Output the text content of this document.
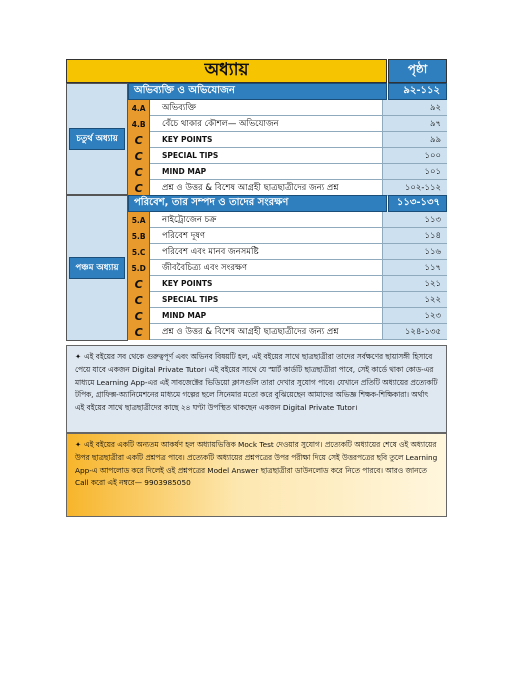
অধ্যায়	পৃষ্ঠা
চতুর্থ অধ্যায়
অভিব্যক্তি ও অভিযোজন	৯২-১১২
4.A	অভিব্যক্তি	৯২
4.B	বেঁচে থাকার কৌশল— অভিযোজন	৯৭
C	KEY POINTS	৯৯
C	SPECIAL TIPS	১০০
C	MIND MAP	১০১
C	প্রশ্ন ও উত্তর & বিশেষ আগ্রহী ছাত্রছাত্রীদের জন্য প্রশ্ন	১০২-১১২
পঞ্চম অধ্যায়
পরিবেশ, তার সম্পদ ও তাদের সংরক্ষণ	১১৩-১৩৭
5.A	নাইট্রোজেন চক্র	১১৩
5.B	পরিবেশ দূষণ	১১৪
5.C	পরিবেশ এবং মানব জনসমষ্টি	১১৬
5.D	জীববৈচিত্র্য এবং সংরক্ষণ	১১৭
C	KEY POINTS	১২১
C	SPECIAL TIPS	১২২
C	MIND MAP	১২৩
C	প্রশ্ন ও উত্তর & বিশেষ আগ্রহী ছাত্রছাত্রীদের জন্য প্রশ্ন	১২৪-১৩৫
✦ এই বইয়ের সব থেকে গুরুত্বপূর্ণ এবং অভিনব বিষয়টি হল, এই বইয়ের সাথে ছাত্রছাত্রীরা তাদের সর্বক্ষণের ছায়াসঙ্গী হিসাবে পেয়ে যাবে একজন Digital Private Tutor। এই বইয়ের সাথে যে স্মার্ট কার্ডটি ছাত্রছাত্রীরা পাবে, সেই কার্ডে থাকা কোড-এর মাধ্যমে Learning App-এর এই সাবজেক্টের ভিডিয়ো ক্লাসগুলি তারা দেখার সুযোগ পাবে। যেখানে প্রতিটি অধ্যায়ের প্রত্যেকটি টপিক, গ্রাফিক্স-অ্যানিমেশনের মাধ্যমে গল্পের ছলে সিনেমার মতো করে বুঝিয়েছেন আমাদের অভিজ্ঞ শিক্ষক-শিক্ষিকারা। অর্থাৎ এই বইয়ের সাথে ছাত্রছাত্রীদের কাছে ২৪ ঘণ্টা উপস্থিত থাকছেন একজন Digital Private Tutor।
✦ এই বইয়ের একটি অন্যতম আকর্ষণ হল অধ্যায়ভিত্তিক Mock Test দেওয়ার সুযোগ। প্রত্যেকটি অধ্যায়ের শেষে ওই অধ্যায়ের উপর ছাত্রছাত্রীরা একটি প্রশ্নপত্র পাবে। প্রত্যেকটি অধ্যায়ের প্রশ্নপত্রের উপর পরীক্ষা দিয়ে সেই উত্তরপত্রের ছবি তুলে Learning App-এ আপলোড করে দিলেই ওই প্রশ্নপত্রের Model Answer ছাত্রছাত্রীরা ডাউনলোড করে নিতে পারবে। আরও জানতে Call করো এই নম্বরে— 9903985050
